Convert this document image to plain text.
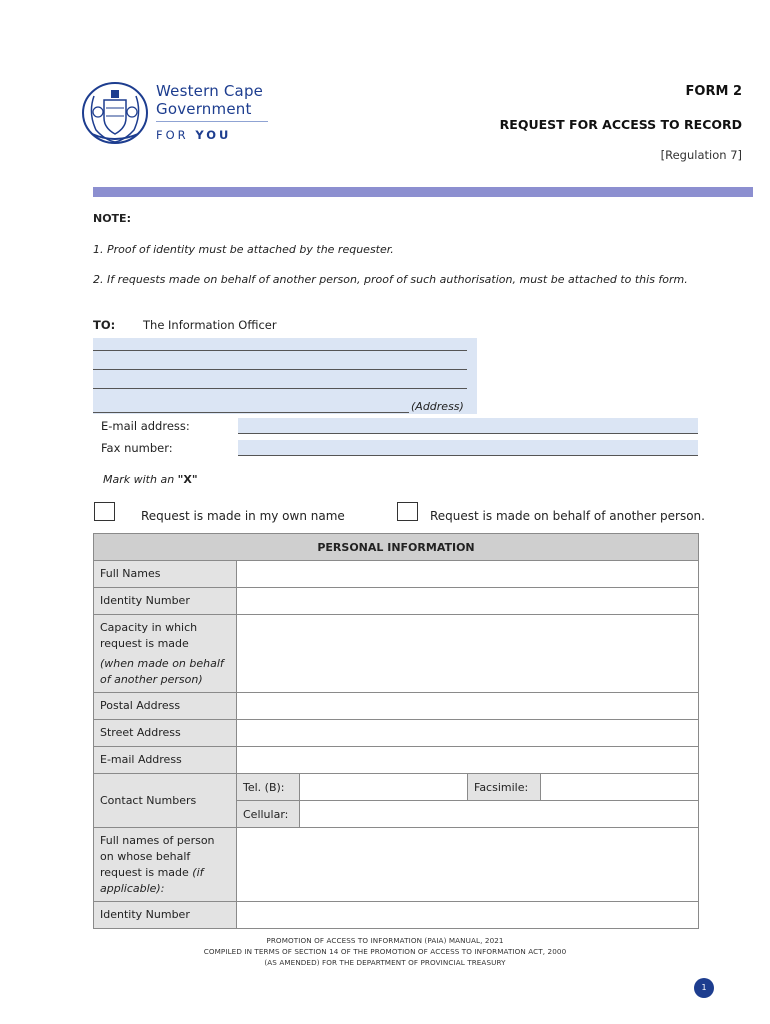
Western Cape
Government
FOR YOU
FORM 2
REQUEST FOR ACCESS TO RECORD
[Regulation 7]
NOTE:
1. Proof of identity must be attached by the requester.
2. If requests made on behalf of another person, proof of such authorisation, must be attached to this form.
TO: The Information Officer
(Address)
E-mail address:
Fax number:
Mark with an "X"
Request is made in my own name	Request is made on behalf of another person.
PERSONAL INFORMATION				
Full Names				
Identity Number				

Capacity in which request is made
(when made on behalf of another person)				

Postal Address				
Street Address				
E-mail Address				
Contact Numbers	Tel. (B):		Facsimile:	
	Cellular:			
Full names of person on whose behalf request is made (if applicable):				
Identity Number				
PROMOTION OF ACCESS TO INFORMATION (PAIA) MANUAL, 2021
COMPILED IN TERMS OF SECTION 14 OF THE PROMOTION OF ACCESS TO INFORMATION ACT, 2000
(AS AMENDED) FOR THE DEPARTMENT OF PROVINCIAL TREASURY
1
